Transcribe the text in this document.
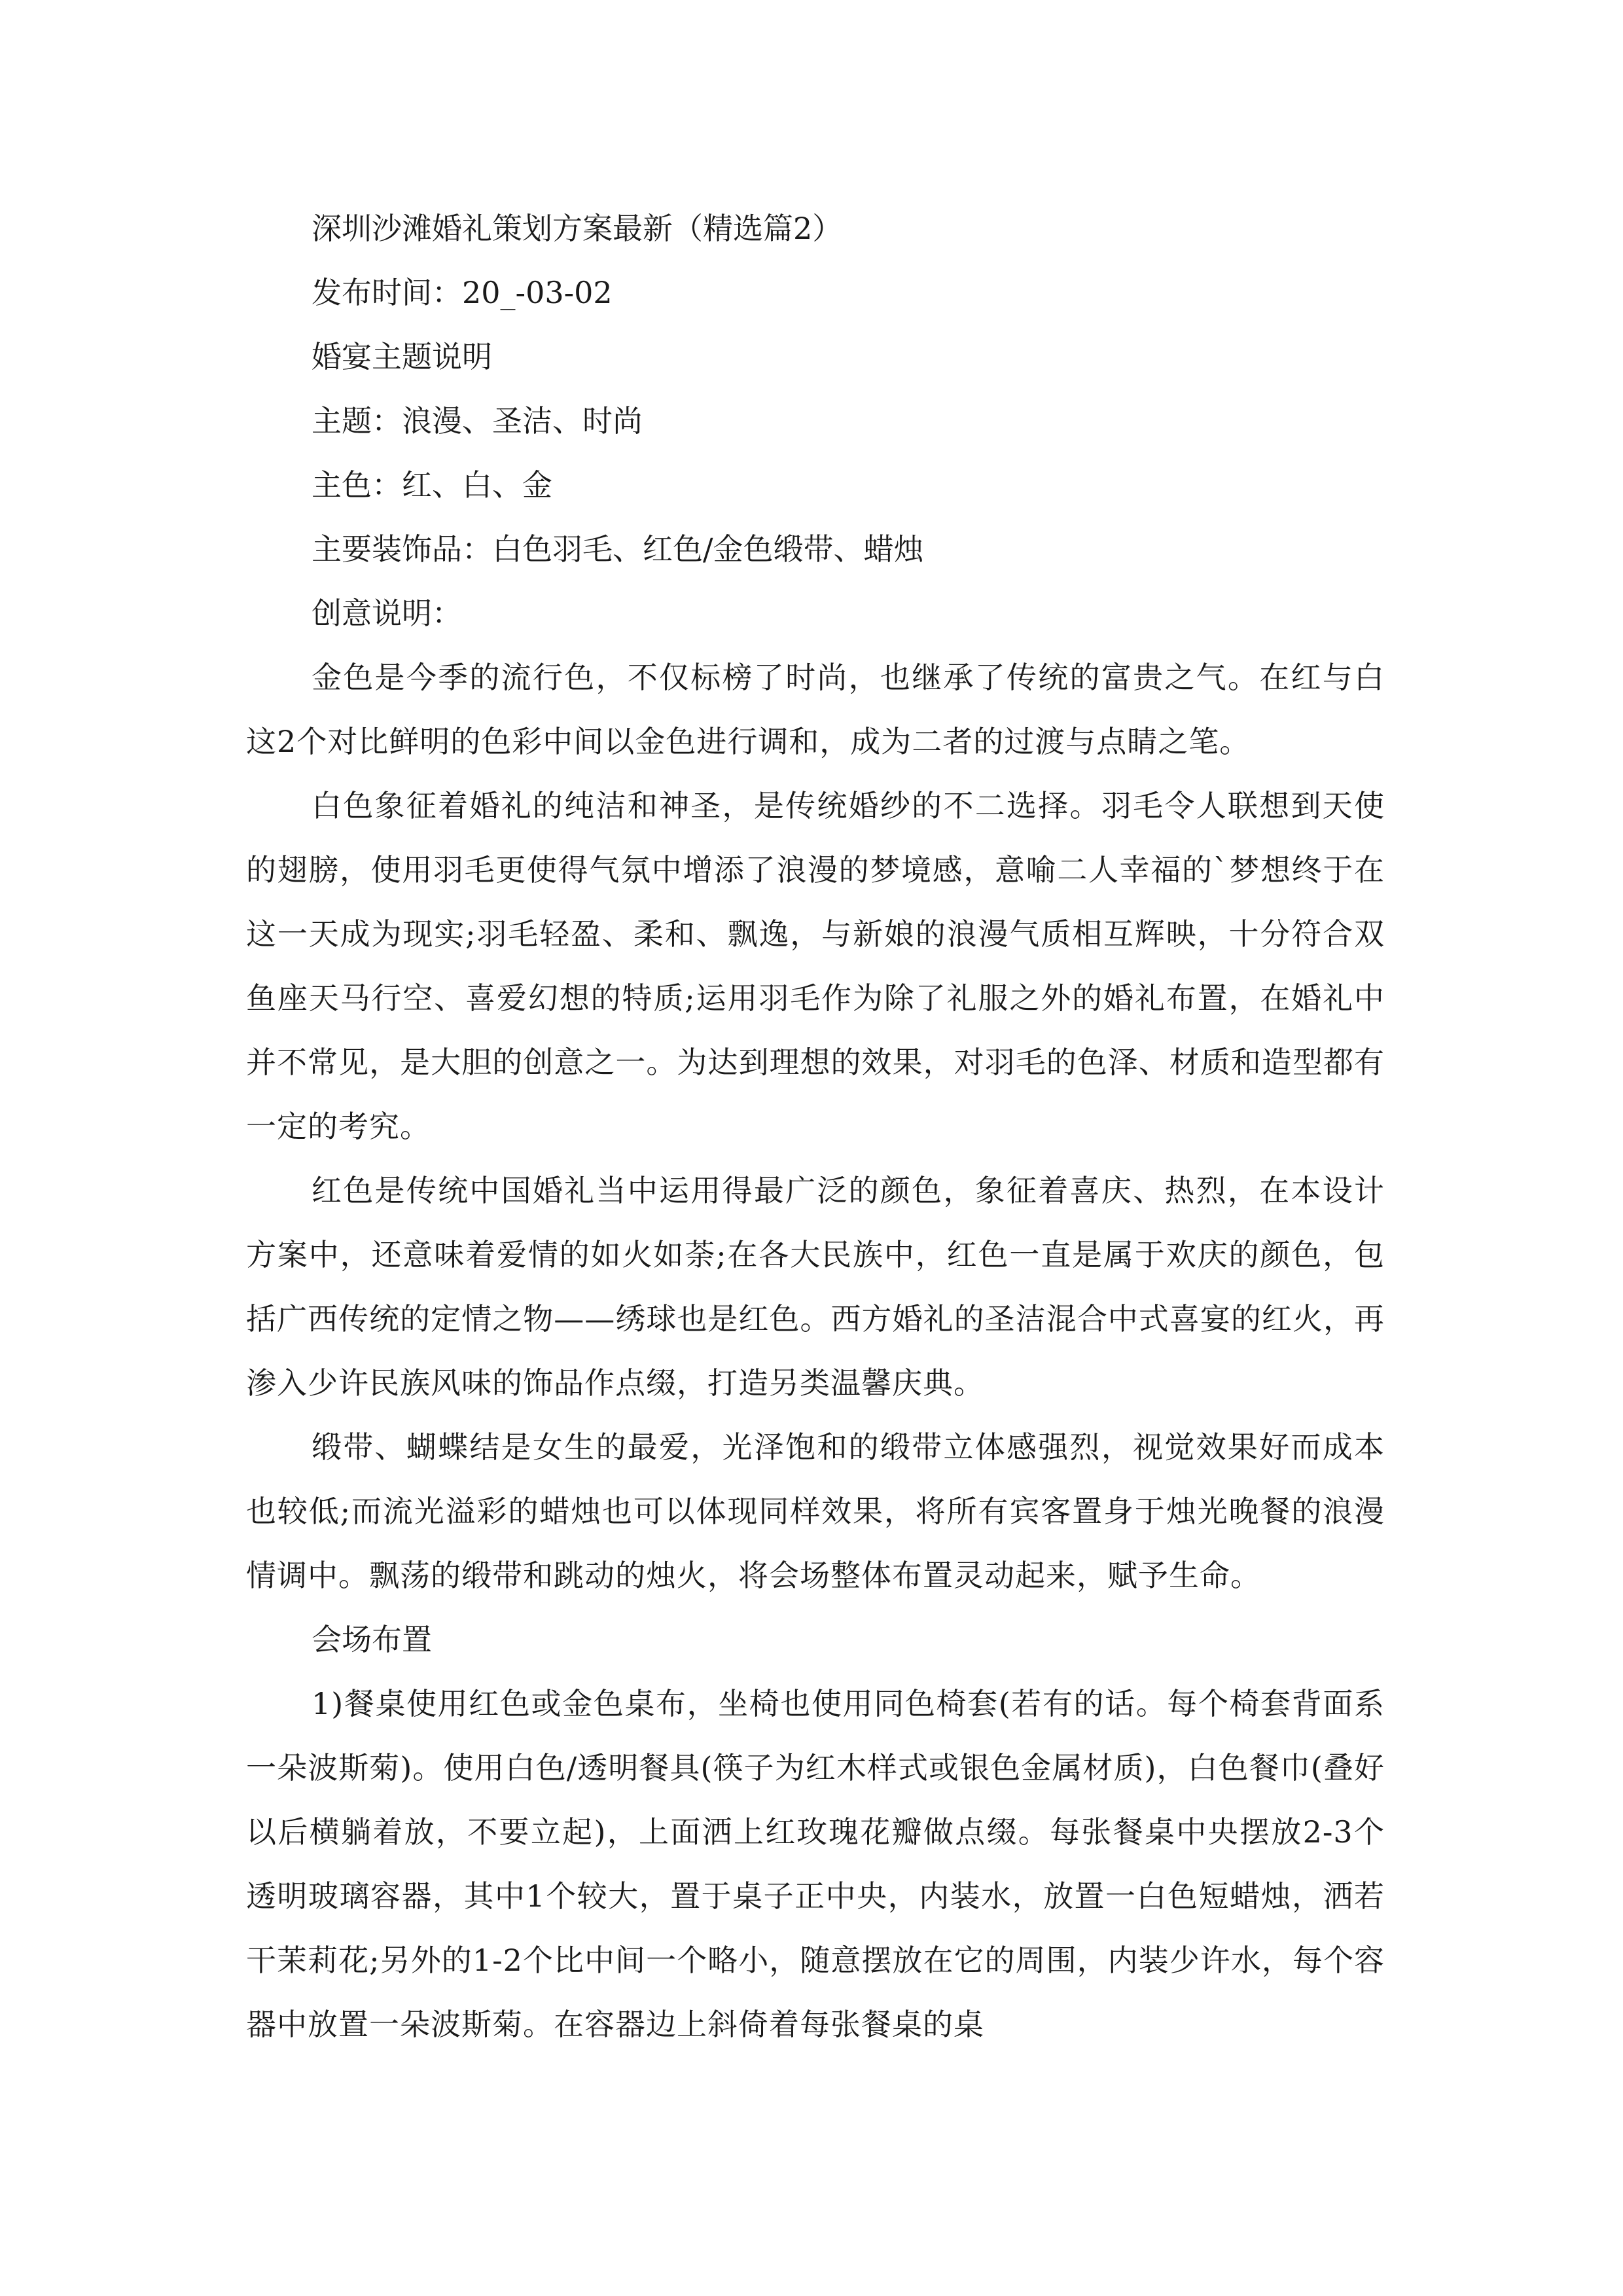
深圳沙滩婚礼策划方案最新（精选篇2）

发布时间：20_-03-02

婚宴主题说明

主题：浪漫、圣洁、时尚

主色：红、白、金

主要装饰品：白色羽毛、红色/金色缎带、蜡烛

创意说明：

金色是今季的流行色，不仅标榜了时尚，也继承了传统的富贵之气。在红与白这2个对比鲜明的色彩中间以金色进行调和，成为二者的过渡与点睛之笔。

白色象征着婚礼的纯洁和神圣，是传统婚纱的不二选择。羽毛令人联想到天使的翅膀，使用羽毛更使得气氛中增添了浪漫的梦境感，意喻二人幸福的`梦想终于在这一天成为现实;羽毛轻盈、柔和、飘逸，与新娘的浪漫气质相互辉映，十分符合双鱼座天马行空、喜爱幻想的特质;运用羽毛作为除了礼服之外的婚礼布置，在婚礼中并不常见，是大胆的创意之一。为达到理想的效果，对羽毛的色泽、材质和造型都有一定的考究。

红色是传统中国婚礼当中运用得最广泛的颜色，象征着喜庆、热烈，在本设计方案中，还意味着爱情的如火如荼;在各大民族中，红色一直是属于欢庆的颜色，包括广西传统的定情之物——绣球也是红色。西方婚礼的圣洁混合中式喜宴的红火，再渗入少许民族风味的饰品作点缀，打造另类温馨庆典。

缎带、蝴蝶结是女生的最爱，光泽饱和的缎带立体感强烈，视觉效果好而成本也较低;而流光溢彩的蜡烛也可以体现同样效果，将所有宾客置身于烛光晚餐的浪漫情调中。飘荡的缎带和跳动的烛火，将会场整体布置灵动起来，赋予生命。

会场布置

1)餐桌使用红色或金色桌布，坐椅也使用同色椅套(若有的话。每个椅套背面系一朵波斯菊)。使用白色/透明餐具(筷子为红木样式或银色金属材质)，白色餐巾(叠好以后横躺着放，不要立起)，上面洒上红玫瑰花瓣做点缀。每张餐桌中央摆放2-3个透明玻璃容器，其中1个较大，置于桌子正中央，内装水，放置一白色短蜡烛，洒若干茉莉花;另外的1-2个比中间一个略小，随意摆放在它的周围，内装少许水，每个容器中放置一朵波斯菊。在容器边上斜倚着每张餐桌的桌
